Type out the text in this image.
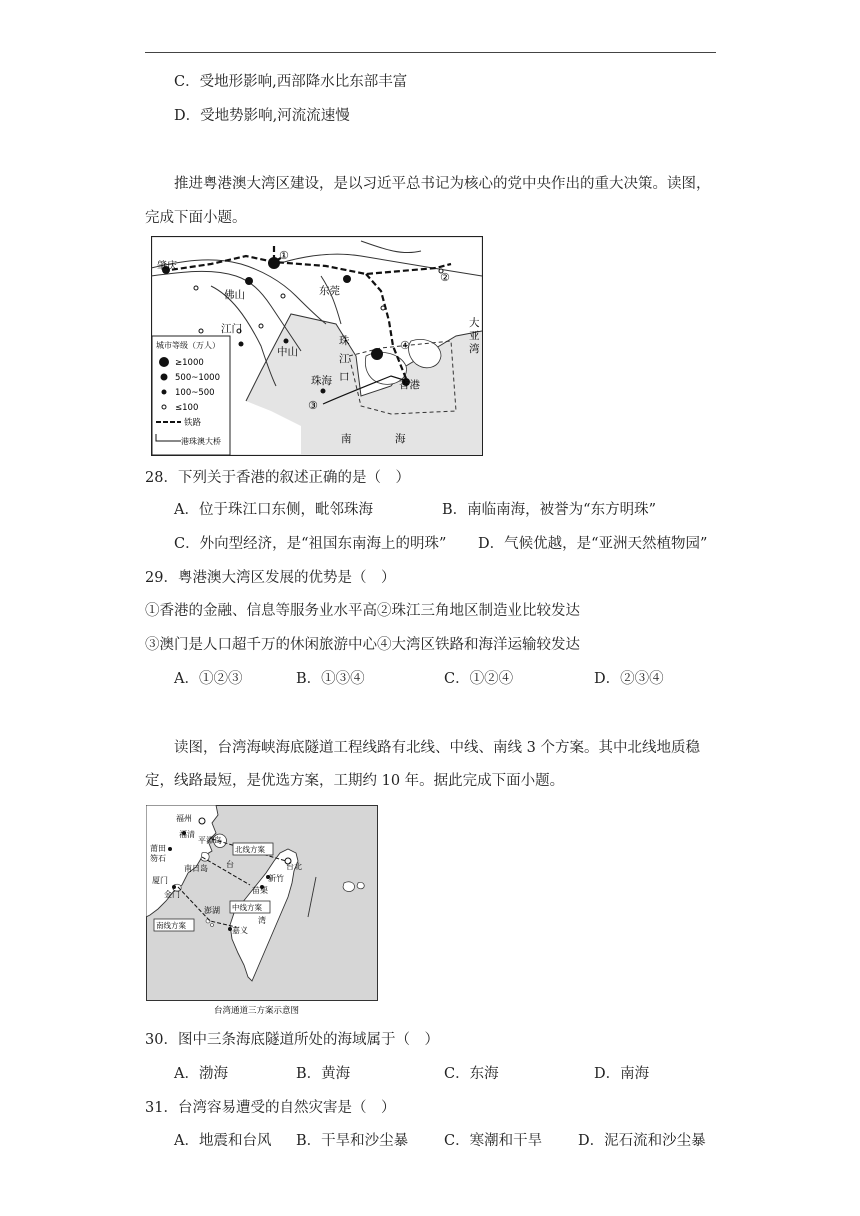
C．受地形影响,西部降水比东部丰富
D．受地势影响,河流流速慢
推进粤港澳大湾区建设，是以习近平总书记为核心的党中央作出的重大决策。读图，
完成下面小题。
肇庆
佛山	东莞
江门
中山
珠海	香港
珠
江
口
南	海
大
亚
湾
①
②
③
④
城市等级（万人）
≥1000
500~1000
100~500
≤100
铁路
港珠澳大桥
28．下列关于香港的叙述正确的是（　）
A．位于珠江口东侧，毗邻珠海	B．南临南海，被誉为“东方明珠”
C．外向型经济，是“祖国东南海上的明珠” D．气候优越，是“亚洲天然植物园”
29．粤港澳大湾区发展的优势是（　）
①香港的金融、信息等服务业水平高②珠江三角地区制造业比较发达
③澳门是人口超千万的休闲旅游中心④大湾区铁路和海洋运输较发达
A．①②③	B．①③④	C．①②④	D．②③④
读图，台湾海峡海底隧道工程线路有北线、中线、南线 3 个方案。其中北线地质稳
定，线路最短，是优选方案，工期约 10 年。据此完成下面小题。
福州
福清
平潭岛
莆田
笏石
南日岛
厦门
金门
澎湖
嘉义
新竹
苗栗
台北
台
湾
北线方案
中线方案
南线方案
台湾通道三方案示意图
30．图中三条海底隧道所处的海域属于（　）
A．渤海	B．黄海	C．东海	D．南海
31．台湾容易遭受的自然灾害是（　）
A．地震和台风 B．干旱和沙尘暴 C．寒潮和干旱 D．泥石流和沙尘暴
